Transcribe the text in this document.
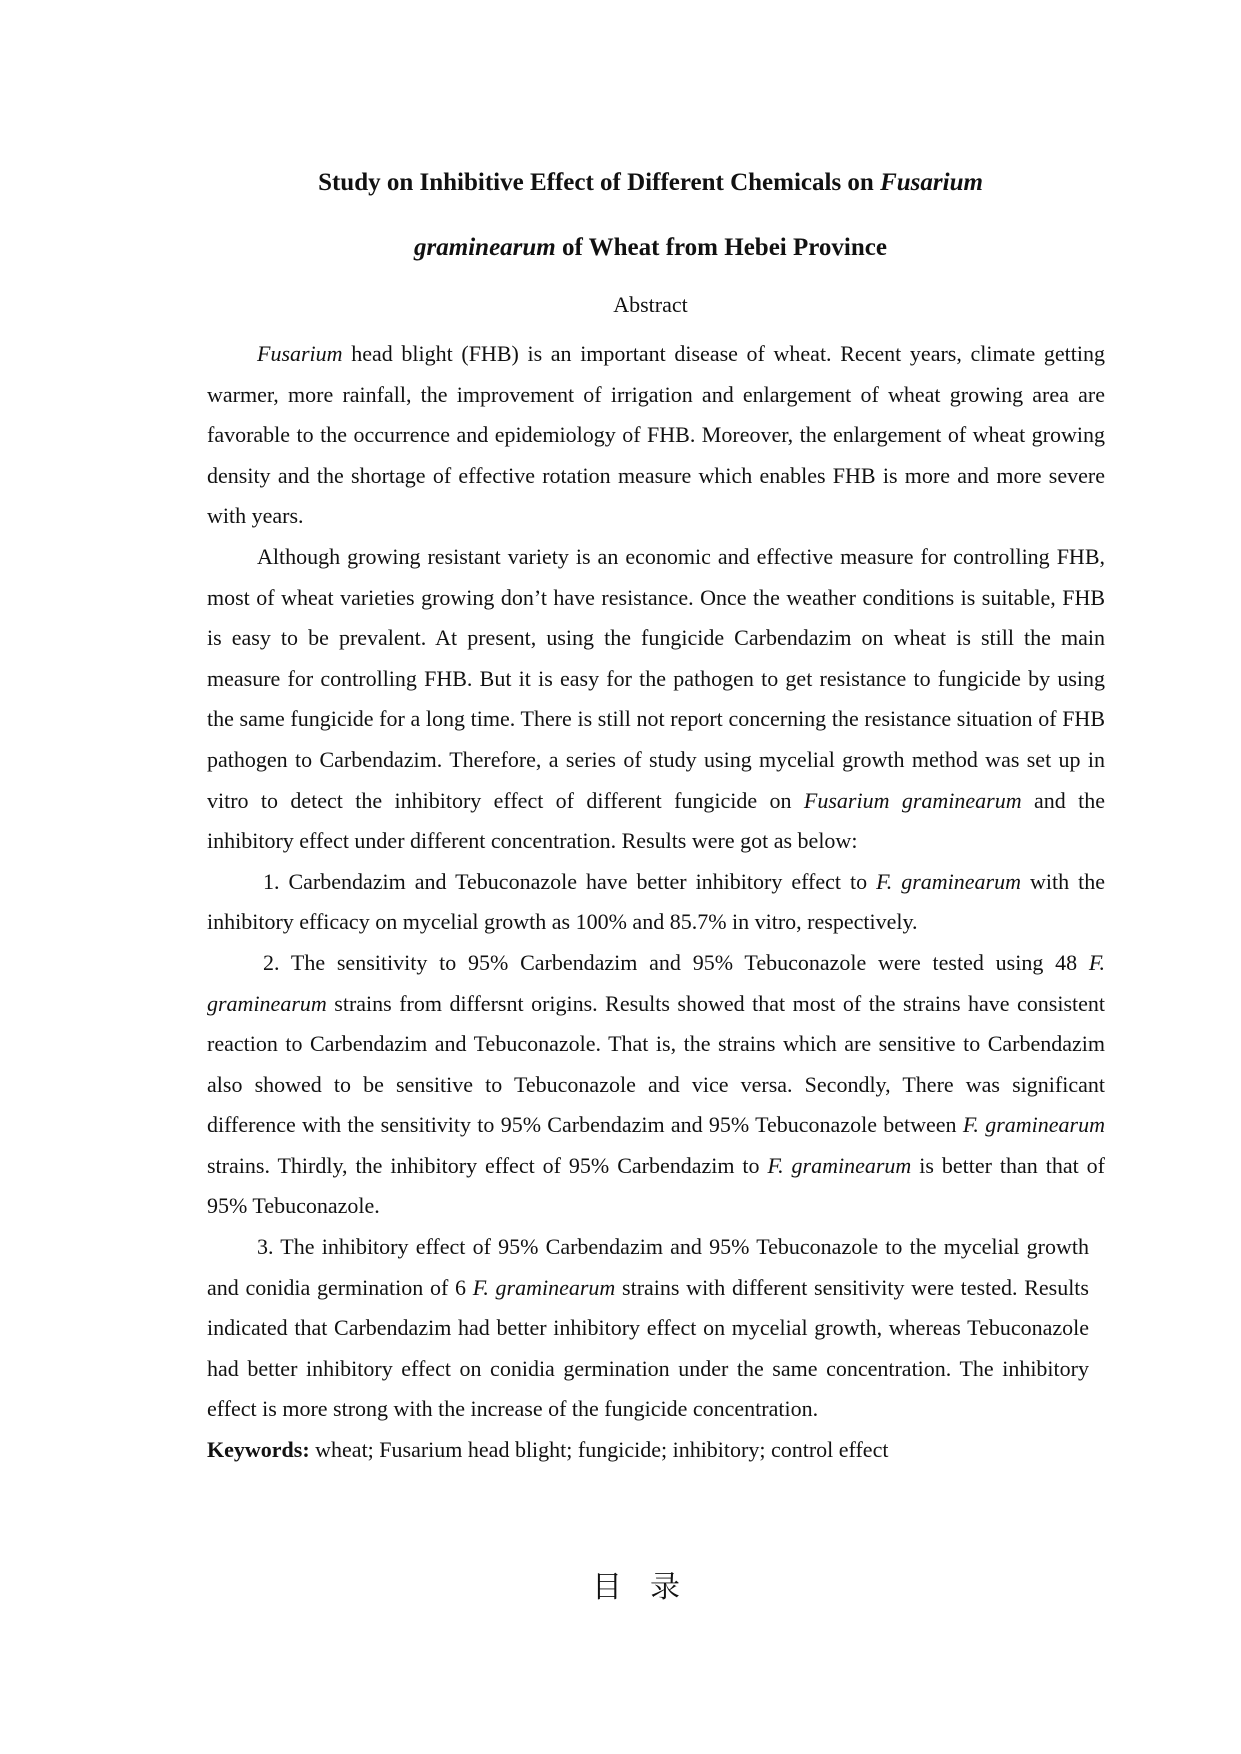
Study on Inhibitive Effect of Different Chemicals on Fusarium
graminearum of Wheat from Hebei Province
Abstract

Fusarium head blight (FHB) is an important disease of wheat. Recent years, climate getting warmer, more rainfall, the improvement of irrigation and enlargement of wheat growing area are favorable to the occurrence and epidemiology of FHB. Moreover, the enlargement of wheat growing density and the shortage of effective rotation measure which enables FHB is more and more severe with years.

Although growing resistant variety is an economic and effective measure for controlling FHB, most of wheat varieties growing don’t have resistance. Once the weather conditions is suitable, FHB is easy to be prevalent. At present, using the fungicide Carbendazim on wheat is still the main measure for controlling FHB. But it is easy for the pathogen to get resistance to fungicide by using the same fungicide for a long time. There is still not report concerning the resistance situation of FHB pathogen to Carbendazim. Therefore, a series of study using mycelial growth method was set up in vitro to detect the inhibitory effect of different fungicide on Fusarium graminearum and the inhibitory effect under different concentration. Results were got as below:

1. Carbendazim and Tebuconazole have better inhibitory effect to F. graminearum with the inhibitory efficacy on mycelial growth as 100% and 85.7% in vitro, respectively.

2. The sensitivity to 95% Carbendazim and 95% Tebuconazole were tested using 48 F. graminearum strains from differsnt origins. Results showed that most of the strains have consistent reaction to Carbendazim and Tebuconazole. That is, the strains which are sensitive to Carbendazim also showed to be sensitive to Tebuconazole and vice versa. Secondly, There was significant difference with the sensitivity to 95% Carbendazim and 95% Tebuconazole between F. graminearum strains. Thirdly, the inhibitory effect of 95% Carbendazim to F. graminearum is better than that of 95% Tebuconazole.

3. The inhibitory effect of 95% Carbendazim and 95% Tebuconazole to the mycelial growth and conidia germination of 6 F. graminearum strains with different sensitivity were tested. Results indicated that Carbendazim had better inhibitory effect on mycelial growth, whereas Tebuconazole had better inhibitory effect on conidia germination under the same concentration. The inhibitory effect is more strong with the increase of the fungicide concentration.

Keywords: wheat; Fusarium head blight; fungicide; inhibitory; control effect

目录
